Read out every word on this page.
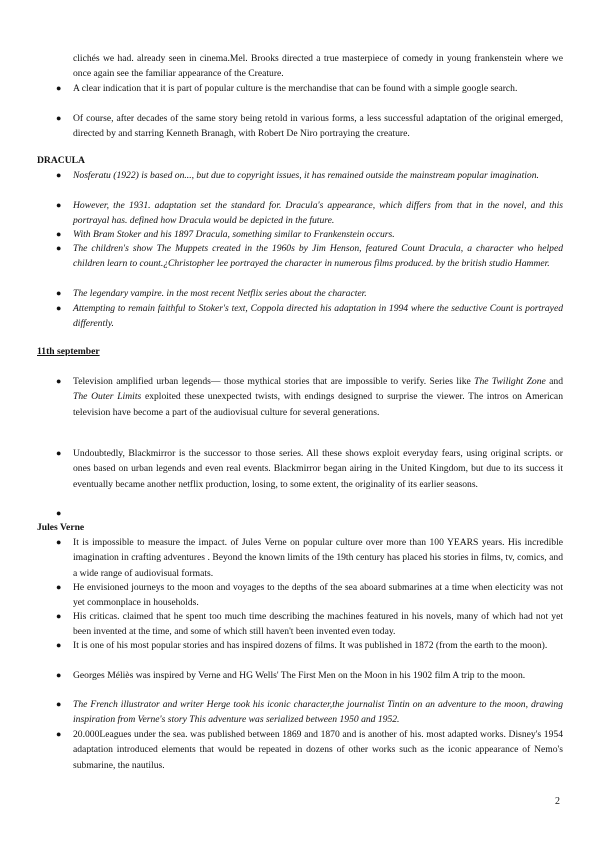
clichés we had. already seen in cinema.Mel. Brooks directed a true masterpiece of comedy in young frankenstein where we once again see the familiar appearance of the Creature.
● A clear indication that it is part of popular culture is the merchandise that can be found with a simple google search.
● Of course, after decades of the same story being retold in various forms, a less successful adaptation of the original emerged, directed by and starring Kenneth Branagh, with Robert De Niro portraying the creature.
DRACULA
● Nosferatu (1922) is based on..., but due to copyright issues, it has remained outside the mainstream popular imagination.
● However, the 1931. adaptation set the standard for. Dracula's appearance, which differs from that in the novel, and this portrayal has. defined how Dracula would be depicted in the future.
● With Bram Stoker and his 1897 Dracula, something similar to Frankenstein occurs.
● The children's show The Muppets created in the 1960s by Jim Henson, featured Count Dracula, a character who helped children learn to count.¿Christopher lee portrayed the character in numerous films produced. by the british studio Hammer.
● The legendary vampire. in the most recent Netflix series about the character.
● Attempting to remain faithful to Stoker's text, Coppola directed his adaptation in 1994 where the seductive Count is portrayed differently.
11th september
● Television amplified urban legends— those mythical stories that are impossible to verify. Series like The Twilight Zone and The Outer Limits exploited these unexpected twists, with endings designed to surprise the viewer. The intros on American television have become a part of the audiovisual culture for several generations.
● Undoubtedly, Blackmirror is the successor to those series. All these shows exploit everyday fears, using original scripts. or ones based on urban legends and even real events. Blackmirror began airing in the United Kingdom, but due to its success it eventually became another netflix production, losing, to some extent, the originality of its earlier seasons.
●
Jules Verne
● It is impossible to measure the impact. of Jules Verne on popular culture over more than 100 YEARS years. His incredible imagination in crafting adventures . Beyond the known limits of the 19th century has placed his stories in films, tv, comics, and a wide range of audiovisual formats.
● He envisioned journeys to the moon and voyages to the depths of the sea aboard submarines at a time when electicity was not yet commonplace in households.
● His criticas. claimed that he spent too much time describing the machines featured in his novels, many of which had not yet been invented at the time, and some of which still haven't been invented even today.
● It is one of his most popular stories and has inspired dozens of films. It was published in 1872 (from the earth to the moon).
● Georges Méliès was inspired by Verne and HG Wells' The First Men on the Moon in his 1902 film A trip to the moon.
● The French illustrator and writer Herge took his iconic character,the journalist Tintin on an adventure to the moon, drawing inspiration from Verne's story This adventure was serialized between 1950 and 1952.
● 20.000Leagues under the sea. was published between 1869 and 1870 and is another of his. most adapted works. Disney's 1954 adaptation introduced elements that would be repeated in dozens of other works such as the iconic appearance of Nemo's submarine, the nautilus.
2
